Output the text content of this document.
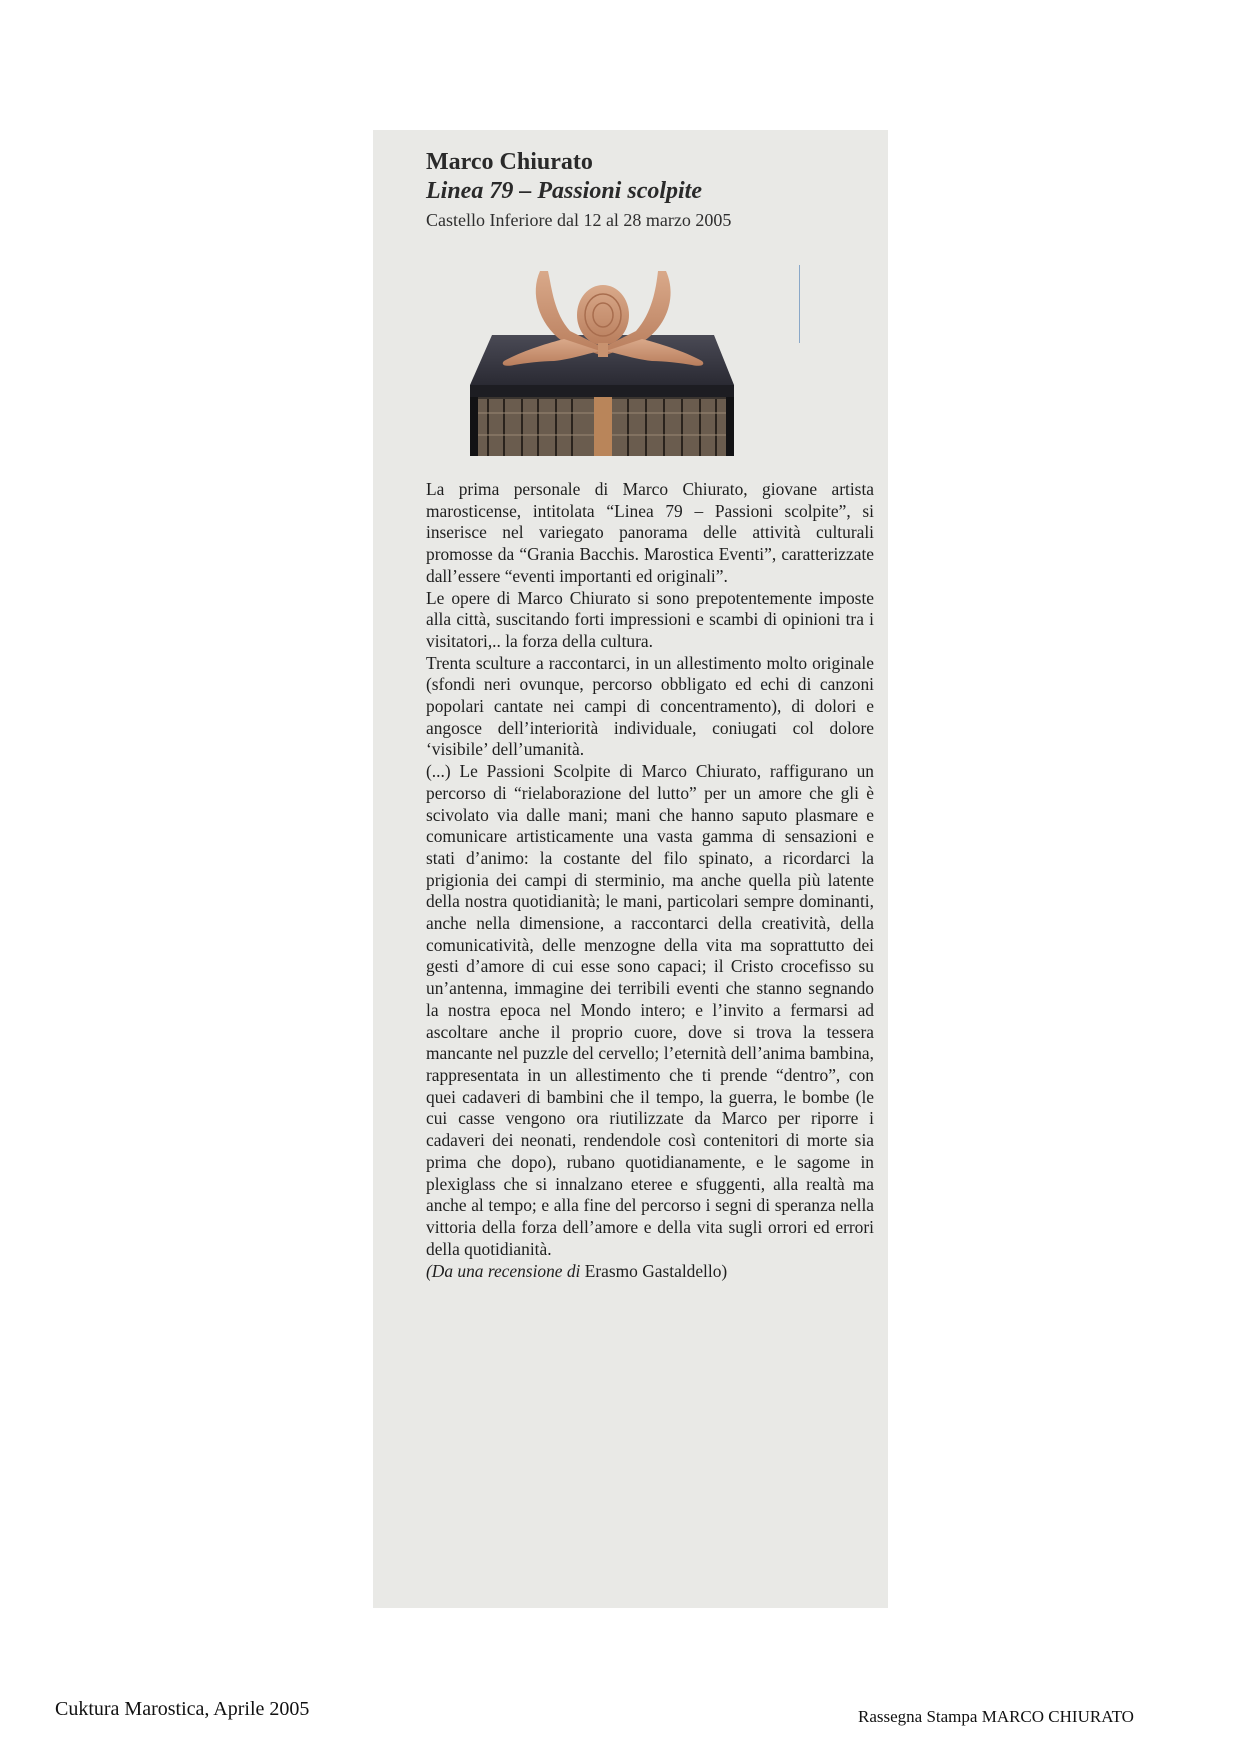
Marco Chiurato
Linea 79 – Passioni scolpite

Castello Inferiore dal 12 al 28 marzo 2005

La prima personale di Marco Chiurato, giovane artista marosticense, intitolata “Linea 79 – Passioni scolpite”, si inserisce nel variegato panorama delle attività culturali promosse da “Grania Bacchis. Marostica Eventi”, caratterizzate dall’essere “eventi importanti ed originali”.

Le opere di Marco Chiurato si sono prepotentemente imposte alla città, suscitando forti impressioni e scambi di opinioni tra i visitatori,.. la forza della cultura.

Trenta sculture a raccontarci, in un allestimento molto originale (sfondi neri ovunque, percorso obbligato ed echi di canzoni popolari cantate nei campi di concentramento), di dolori e angosce dell’interiorità individuale, coniugati col dolore ‘visibile’ dell’umanità.

(...) Le Passioni Scolpite di Marco Chiurato, raffigurano un percorso di “rielaborazione del lutto” per un amore che gli è scivolato via dalle mani; mani che hanno saputo plasmare e comunicare artisticamente una vasta gamma di sensazioni e stati d’animo: la costante del filo spinato, a ricordarci la prigionia dei campi di sterminio, ma anche quella più latente della nostra quotidianità; le mani, particolari sempre dominanti, anche nella dimensione, a raccontarci della creatività, della comunicatività, delle menzogne della vita ma soprattutto dei gesti d’amore di cui esse sono capaci; il Cristo crocefisso su un’antenna, immagine dei terribili eventi che stanno segnando la nostra epoca nel Mondo intero; e l’invito a fermarsi ad ascoltare anche il proprio cuore, dove si trova la tessera mancante nel puzzle del cervello; l’eternità dell’anima bambina, rappresentata in un allestimento che ti prende “dentro”, con quei cadaveri di bambini che il tempo, la guerra, le bombe (le cui casse vengono ora riutilizzate da Marco per riporre i cadaveri dei neonati, rendendole così contenitori di morte sia prima che dopo), rubano quotidianamente, e le sagome in plexiglass che si innalzano eteree e sfuggenti, alla realtà ma anche al tempo; e alla fine del percorso i segni di speranza nella vittoria della forza dell’amore e della vita sugli orrori ed errori della quotidianità.

(Da una recensione di Erasmo Gastaldello)

Cuktura Marostica, Aprile 2005	Rassegna Stampa MARCO CHIURATO
